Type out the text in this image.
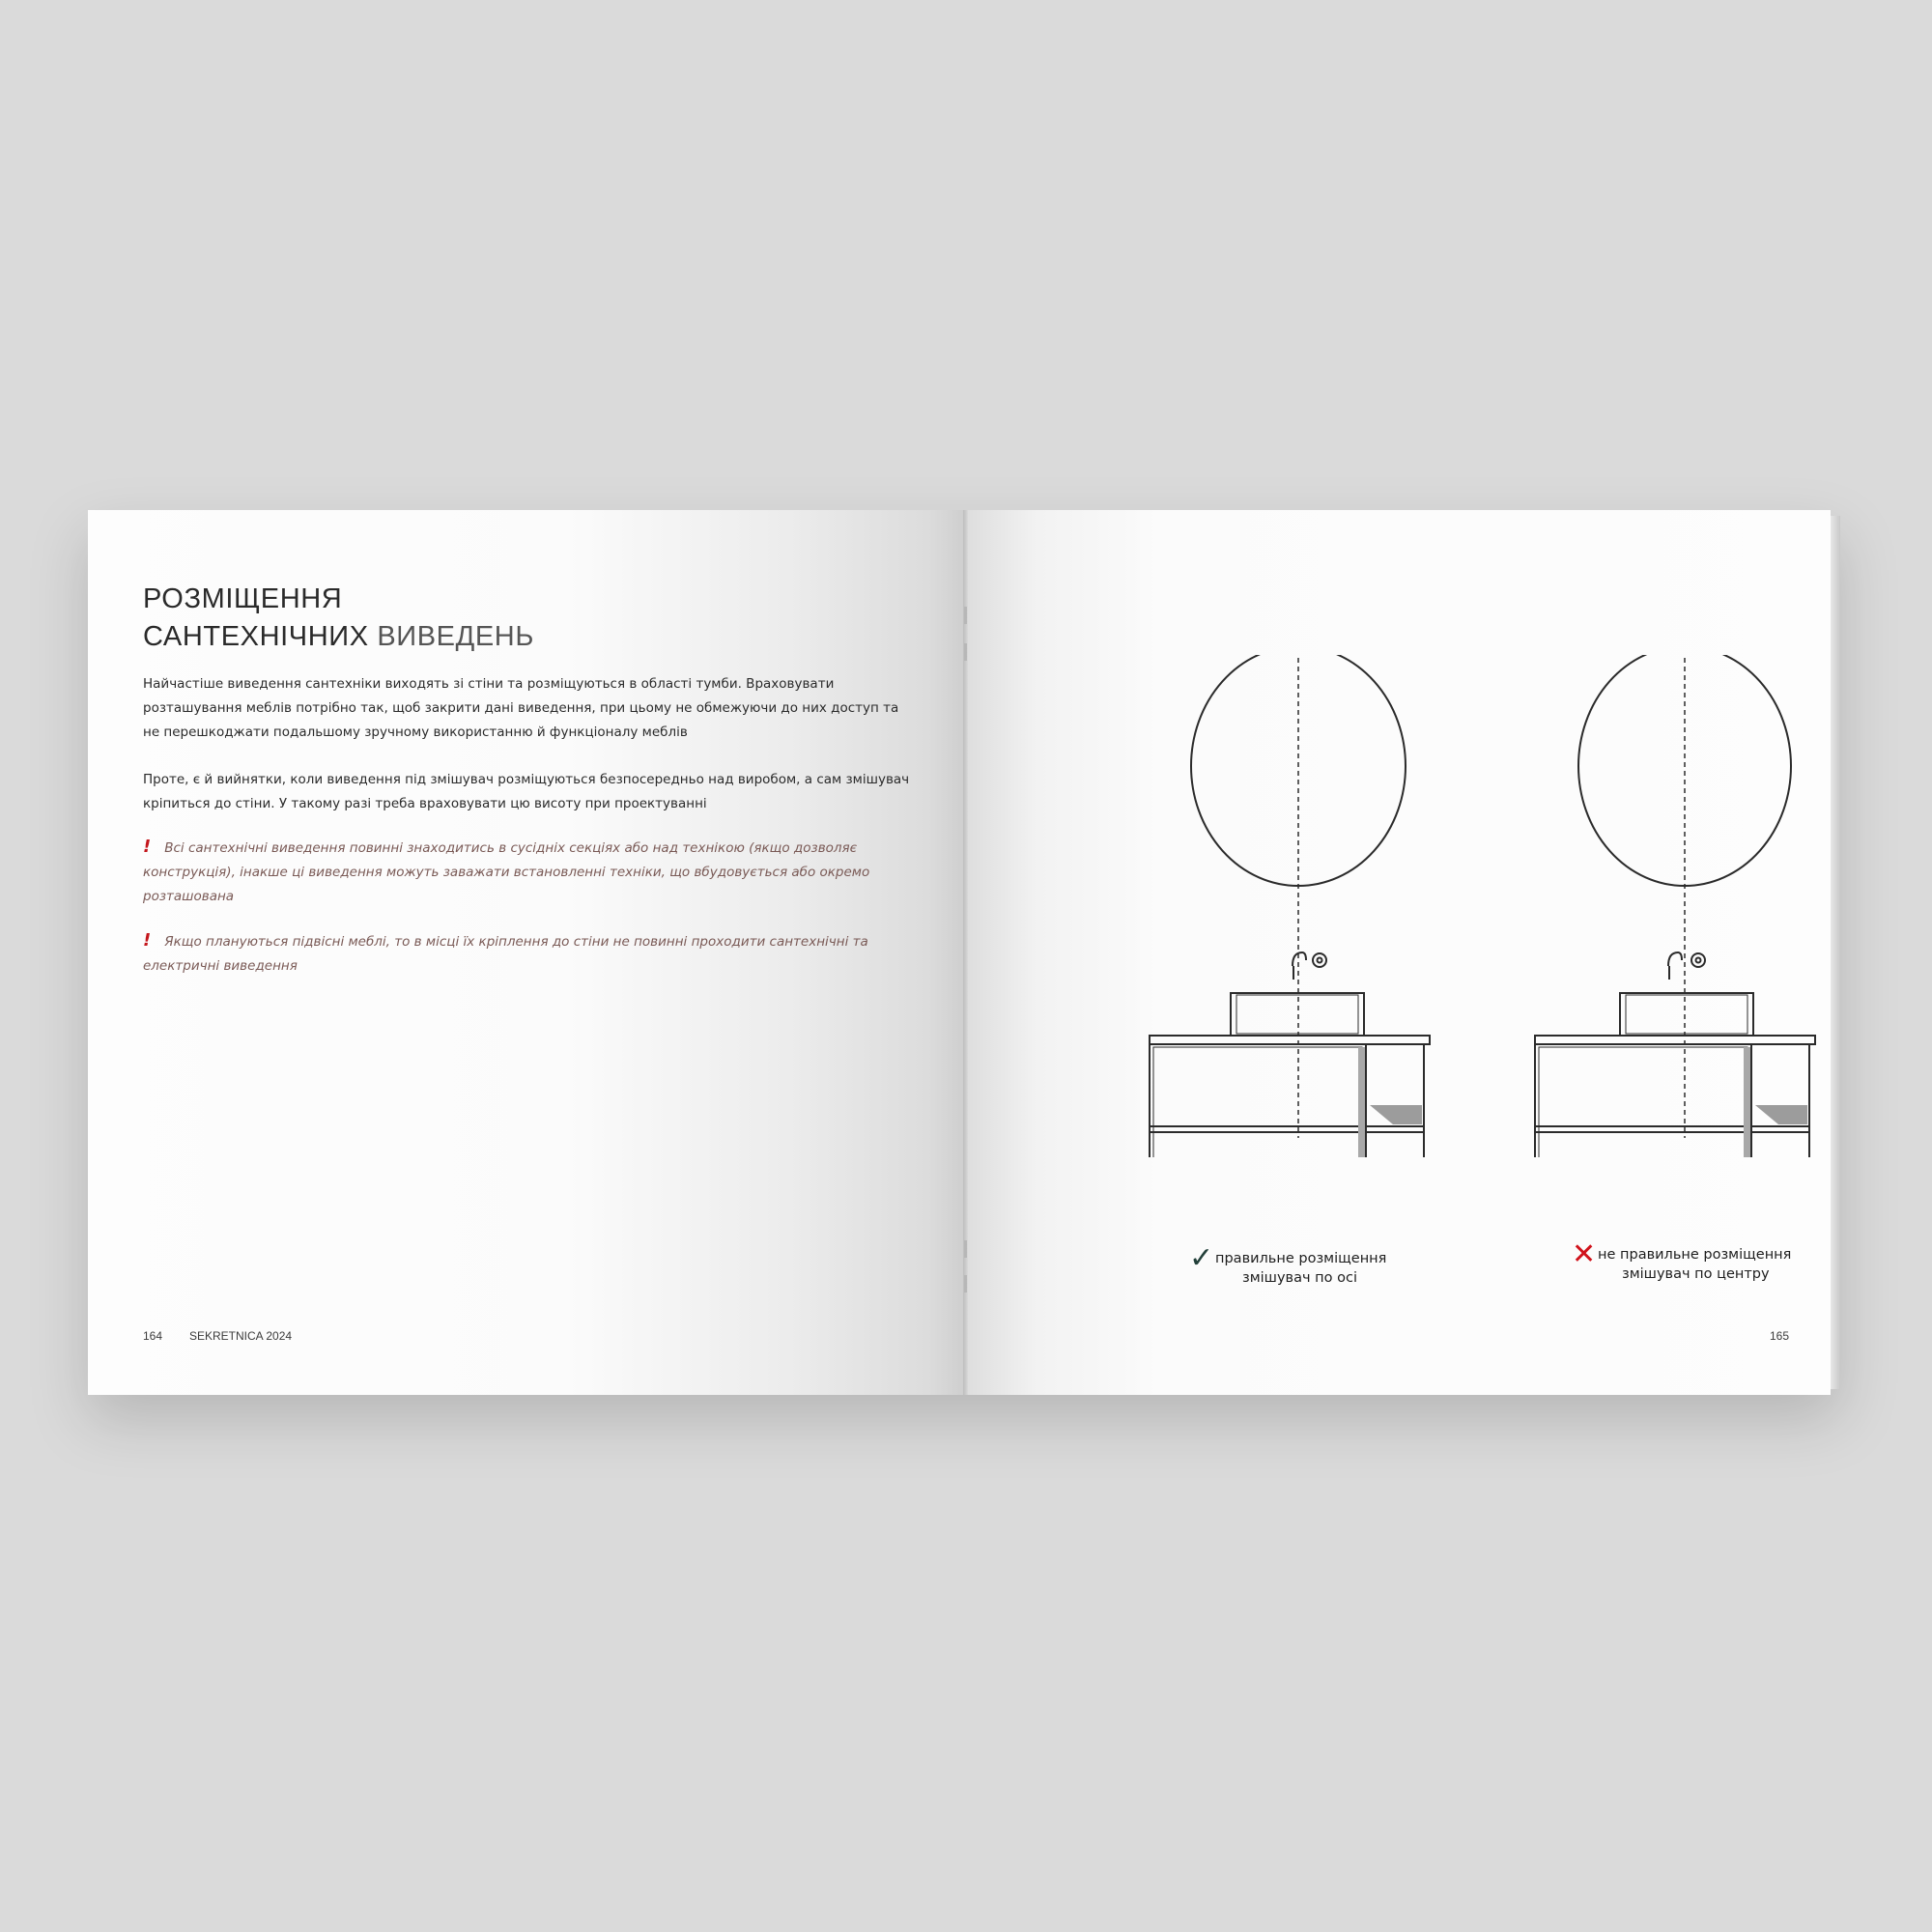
РОЗМІЩЕННЯ
САНТЕХНІЧНИХ ВИВЕДЕНЬ
Найчастіше виведення сантехніки виходять зі стіни та розміщуються в області тумби. Враховувати
розташування меблів потрібно так, щоб закрити дані виведення, при цьому не обмежуючи до них доступ та
не перешкоджати подальшому зручному використанню й функціоналу меблів
Проте, є й вийнятки, коли виведення під змішувач розміщуються безпосередньо над виробом, а сам змішувач
кріпиться до стіни. У такому разі треба враховувати цю висоту при проектуванні
! Всі сантехнічні виведення повинні знаходитись в сусідніх секціях або над технікою (якщо дозволяє
конструкція), інакше ці виведення можуть заважати встановленні техніки, що вбудовується або окремо
розташована
! Якщо плануються підвісні меблі, то в місці їх кріплення до стіни не повинні проходити сантехнічні та
електричні виведення
164 SEKRETNICA 2024
✓ правильне розміщення
змішувач по осі
✕ не правильне розміщення
змішувач по центру
165
